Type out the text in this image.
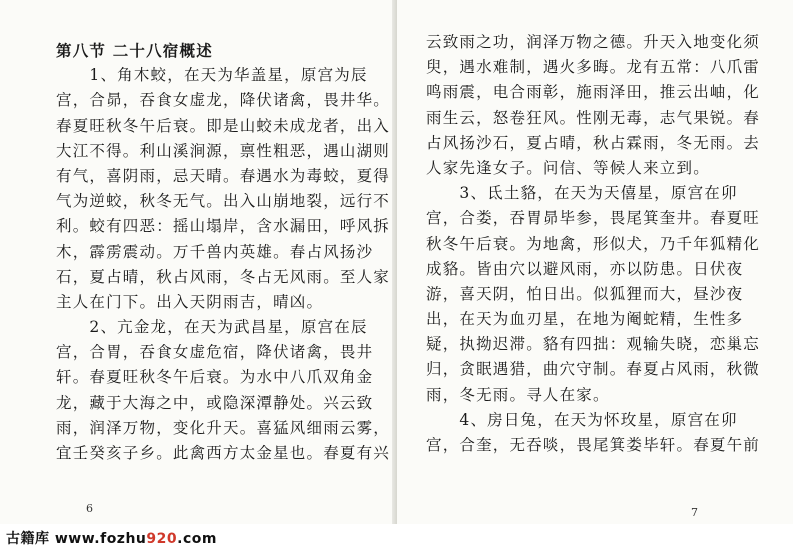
第八节 二十八宿概述
　　1、角木蛟，在天为华盖星，原宫为辰
宫，合昴，吞食女虚龙，降伏诸禽，畏井华。
春夏旺秋冬午后衰。即是山蛟未成龙者，出入
大江不得。利山溪涧源，禀性粗恶，遇山湖则
有气，喜阴雨，忌天晴。春遇水为毒蛟，夏得
气为逆蛟，秋冬无气。出入山崩地裂，远行不
利。蛟有四恶：摇山塌岸，含水漏田，呼风拆
木，霹雳震动。万千兽内英雄。春占风扬沙
石，夏占晴，秋占风雨，冬占无风雨。至人家
主人在门下。出入天阴雨吉，晴凶。
　　2、亢金龙，在天为武昌星，原宫在辰
宫，合胃，吞食女虚危宿，降伏诸禽，畏井
轩。春夏旺秋冬午后衰。为水中八爪双角金
龙，藏于大海之中，或隐深潭静处。兴云致
雨，润泽万物，变化升天。喜猛风细雨云雾，
宜壬癸亥子乡。此禽西方太金星也。春夏有兴
6
云致雨之功，润泽万物之德。升天入地变化须
臾，遇水难制，遇火多晦。龙有五常：八爪雷
鸣雨震，电合雨彰，施雨泽田，推云出岫，化
雨生云，怒卷狂风。性刚无毒，志气果锐。春
占风扬沙石，夏占晴，秋占霖雨，冬无雨。去
人家先逢女子。问信、等候人来立到。
　　3、氐土貉，在天为天僖星，原宫在卯
宫，合娄，吞胃昴毕参，畏尾箕奎井。春夏旺
秋冬午后衰。为地禽，形似犬，乃千年狐精化
成貉。皆由穴以避风雨，亦以防患。日伏夜
游，喜天阴，怕日出。似狐狸而大，昼沙夜
出，在天为血刃星，在地为阉蛇精，生性多
疑，执拗迟滞。貉有四拙：观输失晓，恋巢忘
归，贪眠遇猎，曲穴守制。春夏占风雨，秋微
雨，冬无雨。寻人在家。
　　4、房日兔，在天为怀玫星，原宫在卯
宫，合奎，无吞啖，畏尾箕娄毕轩。春夏午前
7
古籍库 www.fozhu920.com
